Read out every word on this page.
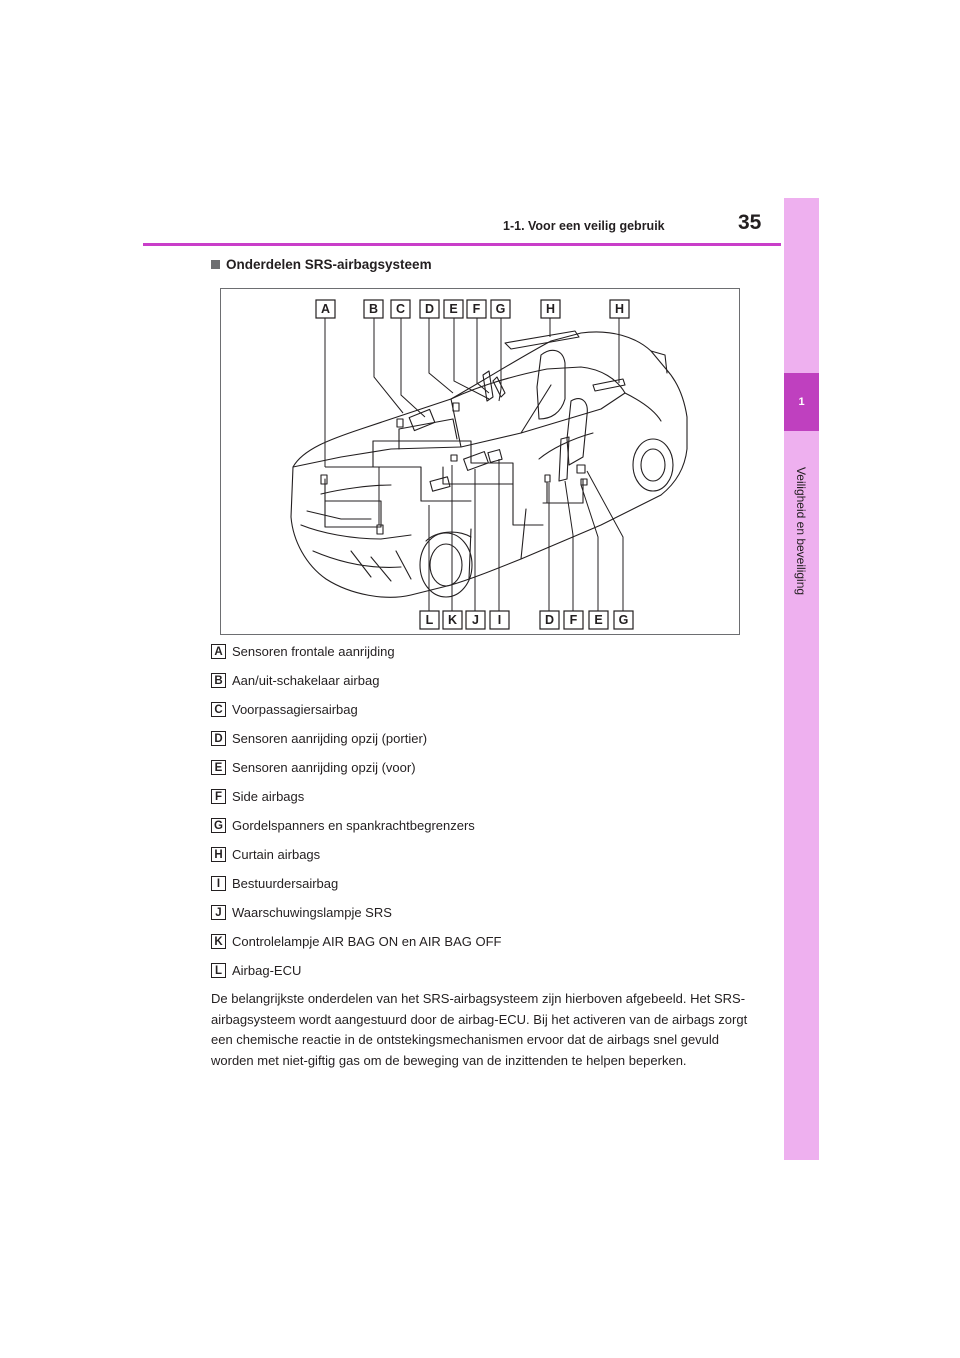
1-1. Voor een veilig gebruik	35
1
Veiligheid en beveiliging
Onderdelen SRS-airbagsysteem
A	B C D E F G	H	H
L K J I	D F E G
A Sensoren frontale aanrijding
B Aan/uit-schakelaar airbag
C Voorpassagiersairbag
D Sensoren aanrijding opzij (portier)
E Sensoren aanrijding opzij (voor)
F Side airbags
G Gordelspanners en spankrachtbegrenzers
H Curtain airbags
I Bestuurdersairbag
J Waarschuwingslampje SRS
K Controlelampje AIR BAG ON en AIR BAG OFF
L Airbag-ECU

De belangrijkste onderdelen van het SRS-airbagsysteem zijn hierboven afgebeeld. Het SRS-airbagsysteem wordt aangestuurd door de airbag-ECU. Bij het activeren van de airbags zorgt een chemische reactie in de ontstekingsmechanismen ervoor dat de airbags snel gevuld worden met niet-giftig gas om de beweging van de inzittenden te helpen beperken.
